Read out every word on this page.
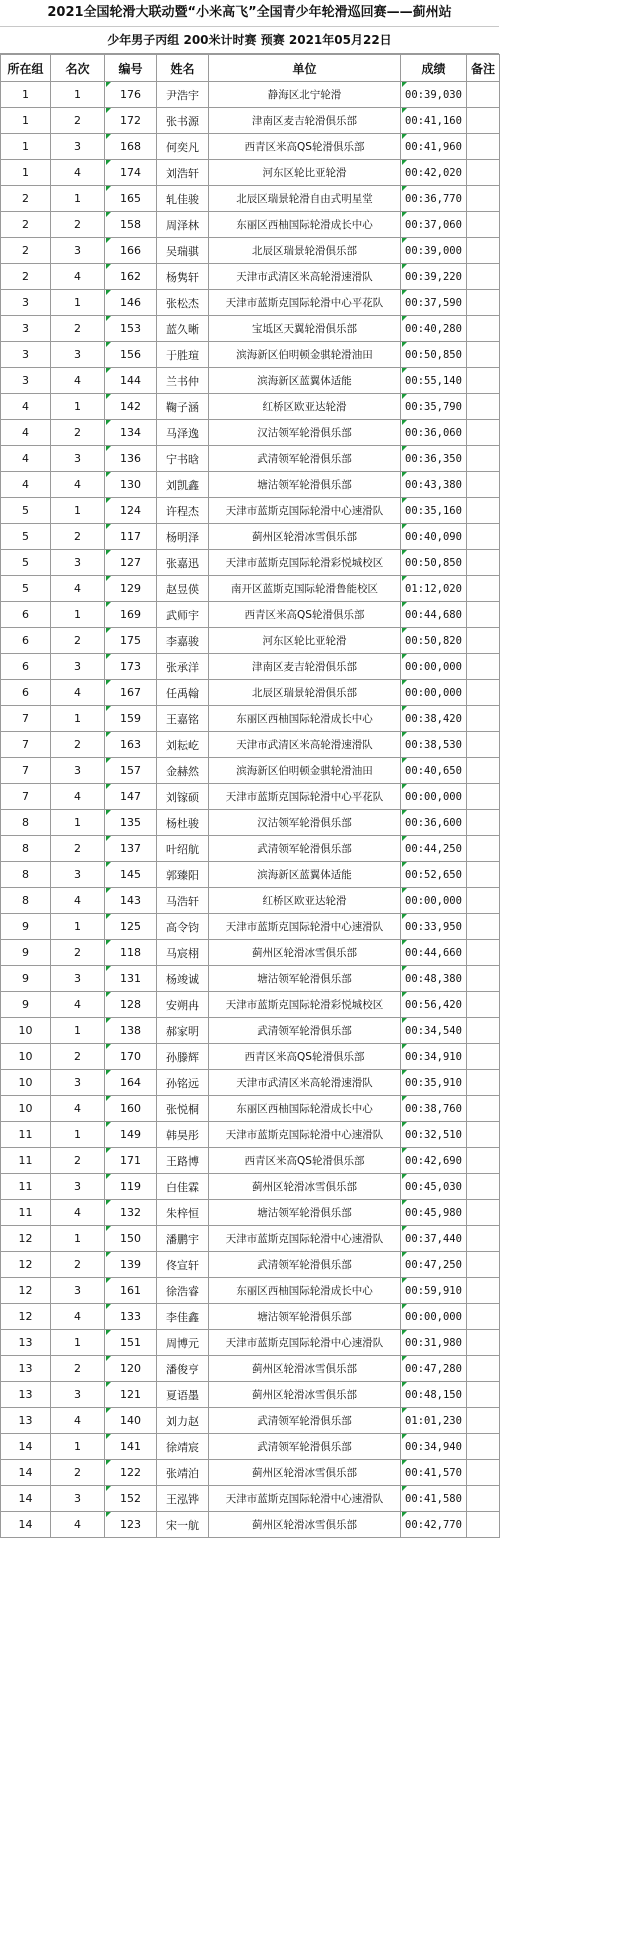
2021全国轮滑大联动暨“小米高飞”全国青少年轮滑巡回赛——蓟州站
少年男子丙组 200米计时赛 预赛 2021年05月22日
所在组	名次	编号	姓名	单位	成绩	备注
1	1	176	尹浩宇	静海区北宁轮滑	00:39,030

1	2	172	张书源	津南区麦吉轮滑俱乐部	00:41,160

1	3	168	何奕凡	西青区米高QS轮滑俱乐部	00:41,960

1	4	174	刘浩轩	河东区轮比亚轮滑	00:42,020

2	1	165	轧佳骏	北辰区瑞景轮滑自由式明星堂	00:36,770

2	2	158	周泽林	东丽区西柚国际轮滑成长中心	00:37,060

2	3	166	吴瑞骐	北辰区瑞景轮滑俱乐部	00:39,000

2	4	162	杨隽轩	天津市武清区米高轮滑速滑队	00:39,220

3	1	146	张松杰	天津市蓝斯克国际轮滑中心平花队	00:37,590

3	2	153	蓝久晰	宝坻区天翼轮滑俱乐部	00:40,280

3	3	156	于胜瑄	滨海新区伯明顿金骐轮滑油田	00:50,850

3	4	144	兰书仲	滨海新区蓝翼体适能	00:55,140

4	1	142	鞠子涵	红桥区欧亚达轮滑	00:35,790

4	2	134	马泽逸	汉沽领军轮滑俱乐部	00:36,060

4	3	136	宁书晗	武清领军轮滑俱乐部	00:36,350

4	4	130	刘凯鑫	塘沽领军轮滑俱乐部	00:43,380

5	1	124	许程杰	天津市蓝斯克国际轮滑中心速滑队	00:35,160

5	2	117	杨明泽	蓟州区轮滑冰雪俱乐部	00:40,090

5	3	127	张嘉迅	天津市蓝斯克国际轮滑彩悦城校区	00:50,850

5	4	129	赵昱偀	南开区蓝斯克国际轮滑鲁能校区	01:12,020

6	1	169	武师宇	西青区米高QS轮滑俱乐部	00:44,680

6	2	175	李嘉骏	河东区轮比亚轮滑	00:50,820

6	3	173	张承洋	津南区麦吉轮滑俱乐部	00:00,000

6	4	167	任禹翰	北辰区瑞景轮滑俱乐部	00:00,000

7	1	159	王嘉铭	东丽区西柚国际轮滑成长中心	00:38,420

7	2	163	刘耘屹	天津市武清区米高轮滑速滑队	00:38,530

7	3	157	金赫然	滨海新区伯明顿金骐轮滑油田	00:40,650

7	4	147	刘镓硕	天津市蓝斯克国际轮滑中心平花队	00:00,000

8	1	135	杨杜骏	汉沽领军轮滑俱乐部	00:36,600

8	2	137	叶绍航	武清领军轮滑俱乐部	00:44,250

8	3	145	郭臻阳	滨海新区蓝翼体适能	00:52,650

8	4	143	马浩轩	红桥区欧亚达轮滑	00:00,000

9	1	125	高令钧	天津市蓝斯克国际轮滑中心速滑队	00:33,950

9	2	118	马宸栩	蓟州区轮滑冰雪俱乐部	00:44,660

9	3	131	杨竣诚	塘沽领军轮滑俱乐部	00:48,380

9	4	128	安朔冉	天津市蓝斯克国际轮滑彩悦城校区	00:56,420

10	1	138	郝家明	武清领军轮滑俱乐部	00:34,540

10	2	170	孙滕辉	西青区米高QS轮滑俱乐部	00:34,910

10	3	164	孙铭远	天津市武清区米高轮滑速滑队	00:35,910

10	4	160	张悦桐	东丽区西柚国际轮滑成长中心	00:38,760

11	1	149	韩昊彤	天津市蓝斯克国际轮滑中心速滑队	00:32,510

11	2	171	王路博	西青区米高QS轮滑俱乐部	00:42,690

11	3	119	白佳霖	蓟州区轮滑冰雪俱乐部	00:45,030

11	4	132	朱梓恒	塘沽领军轮滑俱乐部	00:45,980

12	1	150	潘鹏宇	天津市蓝斯克国际轮滑中心速滑队	00:37,440

12	2	139	佟宣轩	武清领军轮滑俱乐部	00:47,250

12	3	161	徐浩睿	东丽区西柚国际轮滑成长中心	00:59,910

12	4	133	李佳鑫	塘沽领军轮滑俱乐部	00:00,000

13	1	151	周博元	天津市蓝斯克国际轮滑中心速滑队	00:31,980

13	2	120	潘俊亨	蓟州区轮滑冰雪俱乐部	00:47,280

13	3	121	夏语墨	蓟州区轮滑冰雪俱乐部	00:48,150

13	4	140	刘力赵	武清领军轮滑俱乐部	01:01,230

14	1	141	徐靖宸	武清领军轮滑俱乐部	00:34,940

14	2	122	张靖泊	蓟州区轮滑冰雪俱乐部	00:41,570

14	3	152	王泓铧	天津市蓝斯克国际轮滑中心速滑队	00:41,580

14	4	123	宋一航	蓟州区轮滑冰雪俱乐部	00:42,770
